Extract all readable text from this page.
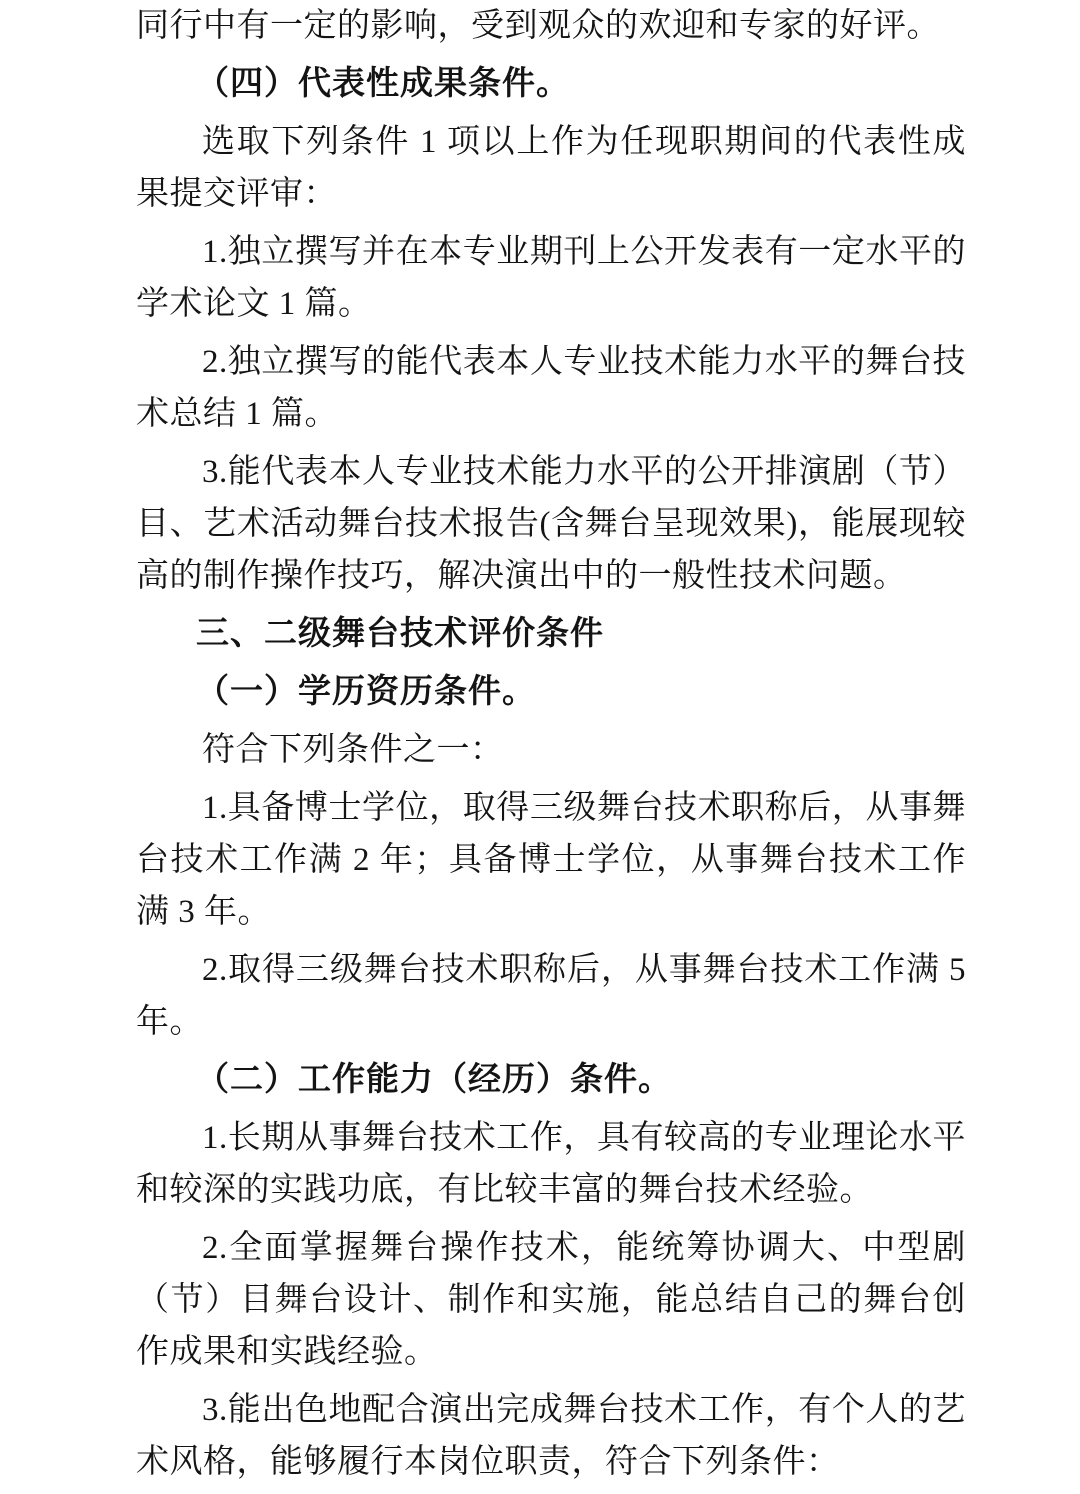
同行中有一定的影响，受到观众的欢迎和专家的好评。

（四）代表性成果条件。

选取下列条件 1 项以上作为任现职期间的代表性成果提交评审：

1.独立撰写并在本专业期刊上公开发表有一定水平的学术论文 1 篇。

2.独立撰写的能代表本人专业技术能力水平的舞台技术总结 1 篇。

3.能代表本人专业技术能力水平的公开排演剧（节）目、艺术活动舞台技术报告(含舞台呈现效果)，能展现较高的制作操作技巧，解决演出中的一般性技术问题。

三、二级舞台技术评价条件

（一）学历资历条件。

符合下列条件之一：

1.具备博士学位，取得三级舞台技术职称后，从事舞台技术工作满 2 年；具备博士学位，从事舞台技术工作满 3 年。

2.取得三级舞台技术职称后，从事舞台技术工作满 5 年。

（二）工作能力（经历）条件。

1.长期从事舞台技术工作，具有较高的专业理论水平和较深的实践功底，有比较丰富的舞台技术经验。

2.全面掌握舞台操作技术，能统筹协调大、中型剧（节）目舞台设计、制作和实施，能总结自己的舞台创作成果和实践经验。

3.能出色地配合演出完成舞台技术工作，有个人的艺术风格，能够履行本岗位职责，符合下列条件：
